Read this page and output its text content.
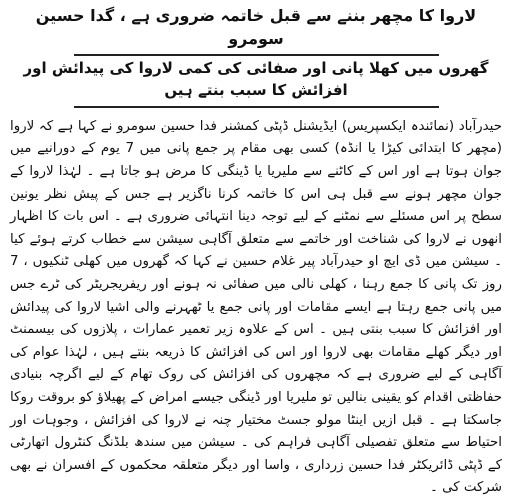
لاروا کا مچھر بننے سے قبل خاتمہ ضروری ہے ، گدا حسین سومرو
گھروں میں کھلا پانی اور صفائی کی کمی لاروا کی پیدائش اور افزائش کا سبب بنتے ہیں

حیدرآباد (نمائندہ ایکسپریس) ایڈیشنل ڈپٹی کمشنر فدا حسین سومرو نے کہا ہے کہ لاروا (مچھر کا ابتدائی کیڑا یا انڈہ) کسی بھی مقام پر جمع پانی میں 7 یوم کے دورانیے میں جوان ہوتا ہے اور اس کے کاٹنے سے ملیریا یا ڈینگی کا مرض ہو جاتا ہے ۔ لہٰذا لاروا کے جوان مچھر ہونے سے قبل ہی اس کا خاتمہ کرنا ناگزیر ہے جس کے پیش نظر یونین سطح پر اس مسئلے سے نمٹنے کے لیے توجہ دینا انتہائی ضروری ہے ۔ اس بات کا اظہار انھوں نے لاروا کی شناخت اور خاتمے سے متعلق آگاہی سیشن سے خطاب کرتے ہوئے کیا ۔ سیشن میں ڈی ایچ او حیدرآباد پیر غلام حسین نے کہا کہ گھروں میں کھلی ٹنکیوں ، 7 روز تک پانی کا جمع رہنا ، کھلی نالی میں صفائی نہ ہونے اور ریفریجریٹر کی ٹرے جس میں پانی جمع رہتا ہے ایسے مقامات اور پانی جمع یا ٹھہرنے والی اشیا لاروا کی پیدائش اور افزائش کا سبب بنتی ہیں ۔ اس کے علاوہ زیر تعمیر عمارات ، پلازوں کی بیسمنٹ اور دیگر کھلے مقامات بھی لاروا اور اس کی افزائش کا ذریعہ بنتے ہیں ، لہٰذا عوام کی آگاہی کے لیے ضروری ہے کہ مچھروں کی افزائش کی روک تھام کے لیے اگرچہ بنیادی حفاظتی اقدام کو یقینی بنالیں تو ملیریا اور ڈینگی جیسے امراض کے پھیلاؤ کو بروقت روکا جاسکتا ہے ۔ قبل ازیں اینٹا مولو جسٹ مختیار چنہ نے لاروا کی افزائش ، وجوہات اور احتیاط سے متعلق تفصیلی آگاہی فراہم کی ۔ سیشن میں سندھ بلڈنگ کنٹرول اتھارٹی کے ڈپٹی ڈائریکٹر فدا حسین زرداری ، واسا اور دیگر متعلقہ محکموں کے افسران نے بھی شرکت کی ۔
